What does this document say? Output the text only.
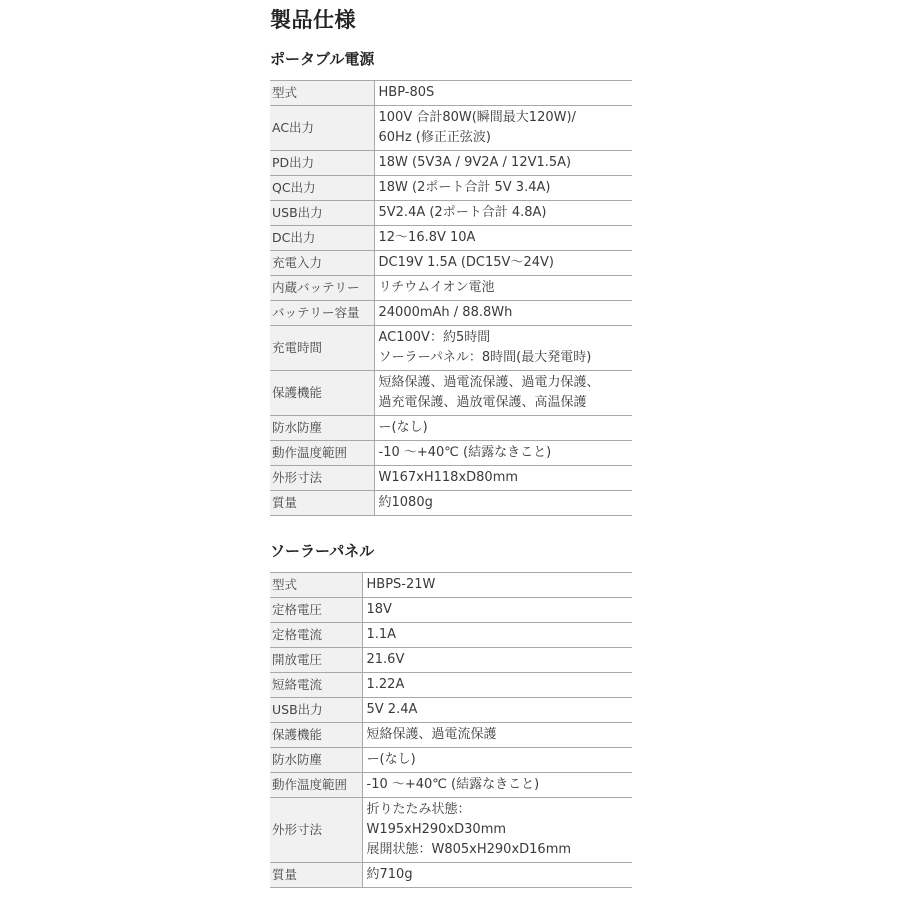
製品仕様
ポータブル電源
型式	HBP-80S

AC出力	100V 合計80W(瞬間最大120W)/
60Hz (修正正弦波)

PD出力	18W (5V3A / 9V2A / 12V1.5A)

QC出力	18W (2ポート合計 5V 3.4A)

USB出力	5V2.4A (2ポート合計 4.8A)

DC出力	12〜16.8V 10A

充電入力	DC19V 1.5A (DC15V〜24V)

内蔵バッテリー	リチウムイオン電池

バッテリー容量	24000mAh / 88.8Wh

充電時間	AC100V：約5時間
ソーラーパネル：8時間(最大発電時)

保護機能	短絡保護、過電流保護、過電力保護、
過充電保護、過放電保護、高温保護

防水防塵	ー(なし)

動作温度範囲	-10 〜+40℃ (結露なきこと)

外形寸法	W167xH118xD80mm

質量	約1080g
ソーラーパネル
型式	HBPS-21W

定格電圧	18V

定格電流	1.1A

開放電圧	21.6V

短絡電流	1.22A

USB出力	5V 2.4A

保護機能	短絡保護、過電流保護

防水防塵	ー(なし)

動作温度範囲	-10 〜+40℃ (結露なきこと)

外形寸法	折りたたみ状態：
W195xH290xD30mm
展開状態：W805xH290xD16mm

質量	約710g
